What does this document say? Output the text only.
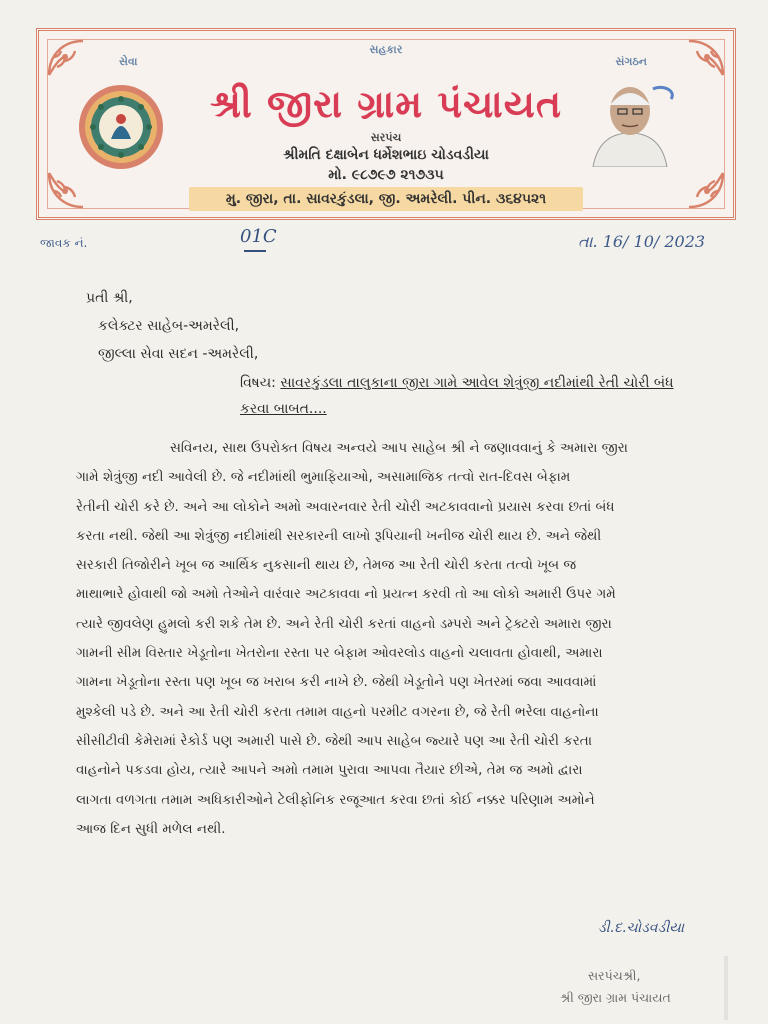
સેવા
સહકાર
સંગઠન
શ્રી જીરા ગ્રામ પંચાયત
સરપંચ
શ્રીમતિ દક્ષાબેન ધર્મેશભાઇ ચોડવડીયા
મો. ૯૮૭૯૭ ૨૧૭૩૫
મુ. જીરા, તા. સાવરકુંડલા, જી. અમરેલી. પીન. ૩૬૪૫૨૧
જાવક નં.	01C	તા. 16/ 10/ 2023
પ્રતી શ્રી,
કલેક્ટર સાહેબ-અમરેલી,
જીલ્લા સેવા સદન -અમરેલી,
વિષય: સાવરકુંડલા તાલુકાના જીરા ગામે આવેલ શેત્રુંજી નદીમાંથી રેતી ચોરી બંધ કરવા બાબત....
સવિનય, સાથ ઉપરોક્ત વિષય અન્વયે આપ સાહેબ શ્રી ને જણાવવાનું કે અમારા જીરા
ગામે શેત્રુંજી નદી આવેલી છે. જે નદીમાંથી ભુમાફિયાઓ, અસામાજિક તત્વો રાત-દિવસ બેફામ
રેતીની ચોરી કરે છે. અને આ લોકોને અમો અવારનવાર રેતી ચોરી અટકાવવાનો પ્રયાસ કરવા છતાં બંધ
કરતા નથી. જેથી આ શેત્રુંજી નદીમાંથી સરકારની લાખો રૂપિયાની ખનીજ ચોરી થાય છે. અને જેથી
સરકારી તિજોરીને ખૂબ જ આર્થિક નુકસાની થાય છે, તેમજ આ રેતી ચોરી કરતા તત્વો ખૂબ જ
માથાભારે હોવાથી જો અમો તેઓને વારંવાર અટકાવવા નો પ્રયત્ન કરવી તો આ લોકો અમારી ઉપર ગમે
ત્યારે જીવલેણ હુમલો કરી શકે તેમ છે. અને રેતી ચોરી કરતાં વાહનો ડમ્પરો અને ટ્રેક્ટરો અમારા જીરા
ગામની સીમ વિસ્તાર ખેડૂતોના ખેતરોના રસ્તા પર બેફામ ઓવરલોડ વાહનો ચલાવતા હોવાથી, અમારા
ગામના ખેડૂતોના રસ્તા પણ ખૂબ જ ખરાબ કરી નાખે છે. જેથી ખેડૂતોને પણ ખેતરમાં જવા આવવામાં
મુશ્કેલી પડે છે. અને આ રેતી ચોરી કરતા તમામ વાહનો પરમીટ વગરના છે, જે રેતી ભરેલા વાહનોના
સીસીટીવી કેમેરામાં રેકોર્ડ પણ અમારી પાસે છે. જેથી આપ સાહેબ જ્યારે પણ આ રેતી ચોરી કરતા
વાહનોને પકડવા હોય, ત્યારે આપને અમો તમામ પુરાવા આપવા તૈયાર છીએ, તેમ જ અમો દ્વારા
લાગતા વળગતા તમામ અધિકારીઓને ટેલીફોનિક રજૂઆત કરવા છતાં કોઈ નક્કર પરિણામ અમોને
આજ દિન સુધી મળેલ નથી.
ડી.દ.ચોડવડીયા
સરપંચશ્રી,
શ્રી જીરા ગ્રામ પંચાયત
